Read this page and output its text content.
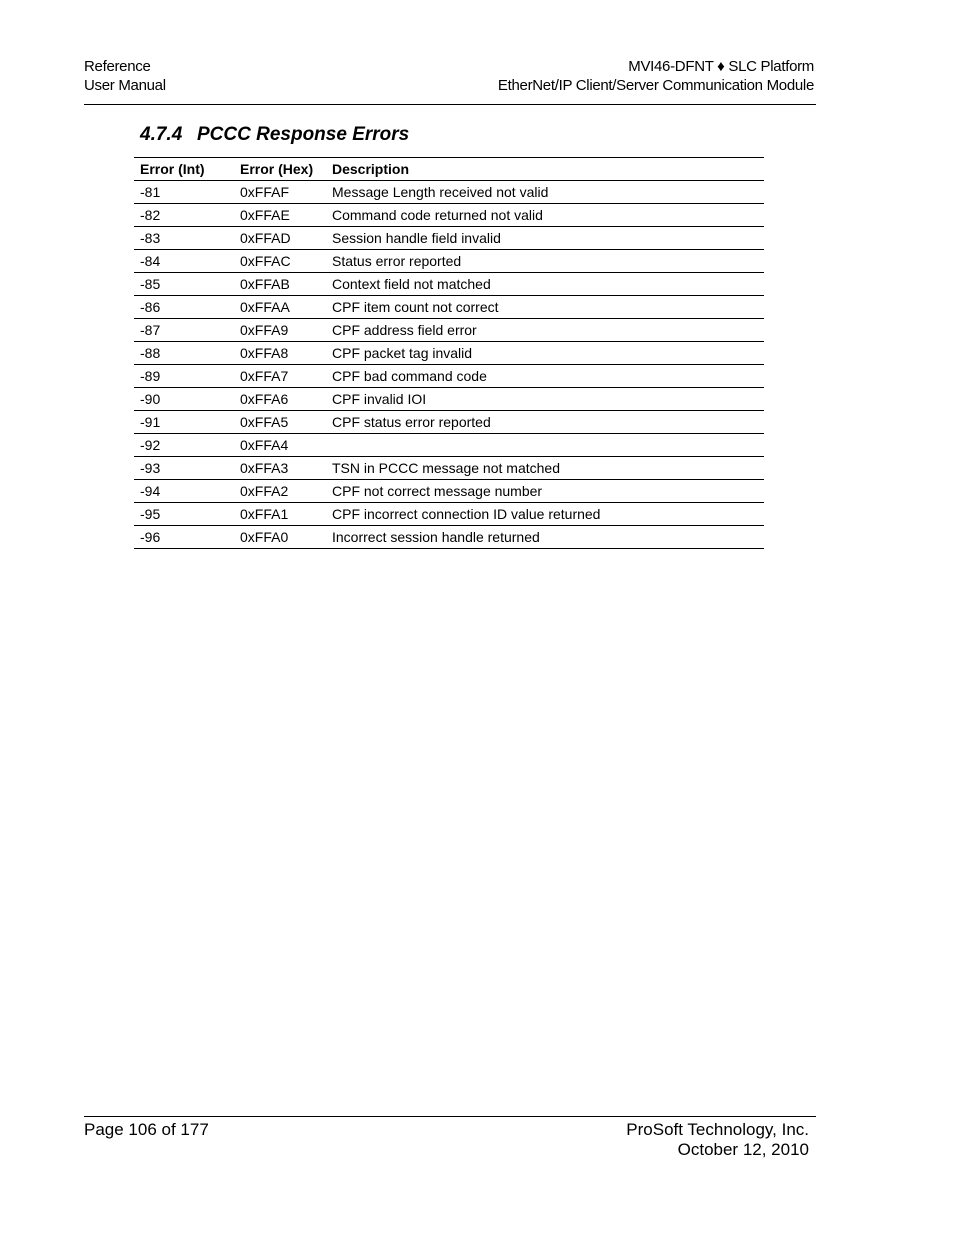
Reference
User Manual
MVI46-DFNT ♦ SLC Platform
EtherNet/IP Client/Server Communication Module
4.7.4 PCCC Response Errors
Error (Int)	Error (Hex)	Description
-81	0xFFAF	Message Length received not valid
-82	0xFFAE	Command code returned not valid
-83	0xFFAD	Session handle field invalid
-84	0xFFAC	Status error reported
-85	0xFFAB	Context field not matched
-86	0xFFAA	CPF item count not correct
-87	0xFFA9	CPF address field error
-88	0xFFA8	CPF packet tag invalid
-89	0xFFA7	CPF bad command code
-90	0xFFA6	CPF invalid IOI
-91	0xFFA5	CPF status error reported
-92	0xFFA4	
-93	0xFFA3	TSN in PCCC message not matched
-94	0xFFA2	CPF not correct message number
-95	0xFFA1	CPF incorrect connection ID value returned
-96	0xFFA0	Incorrect session handle returned
Page 106 of 177	ProSoft Technology, Inc.
October 12, 2010
